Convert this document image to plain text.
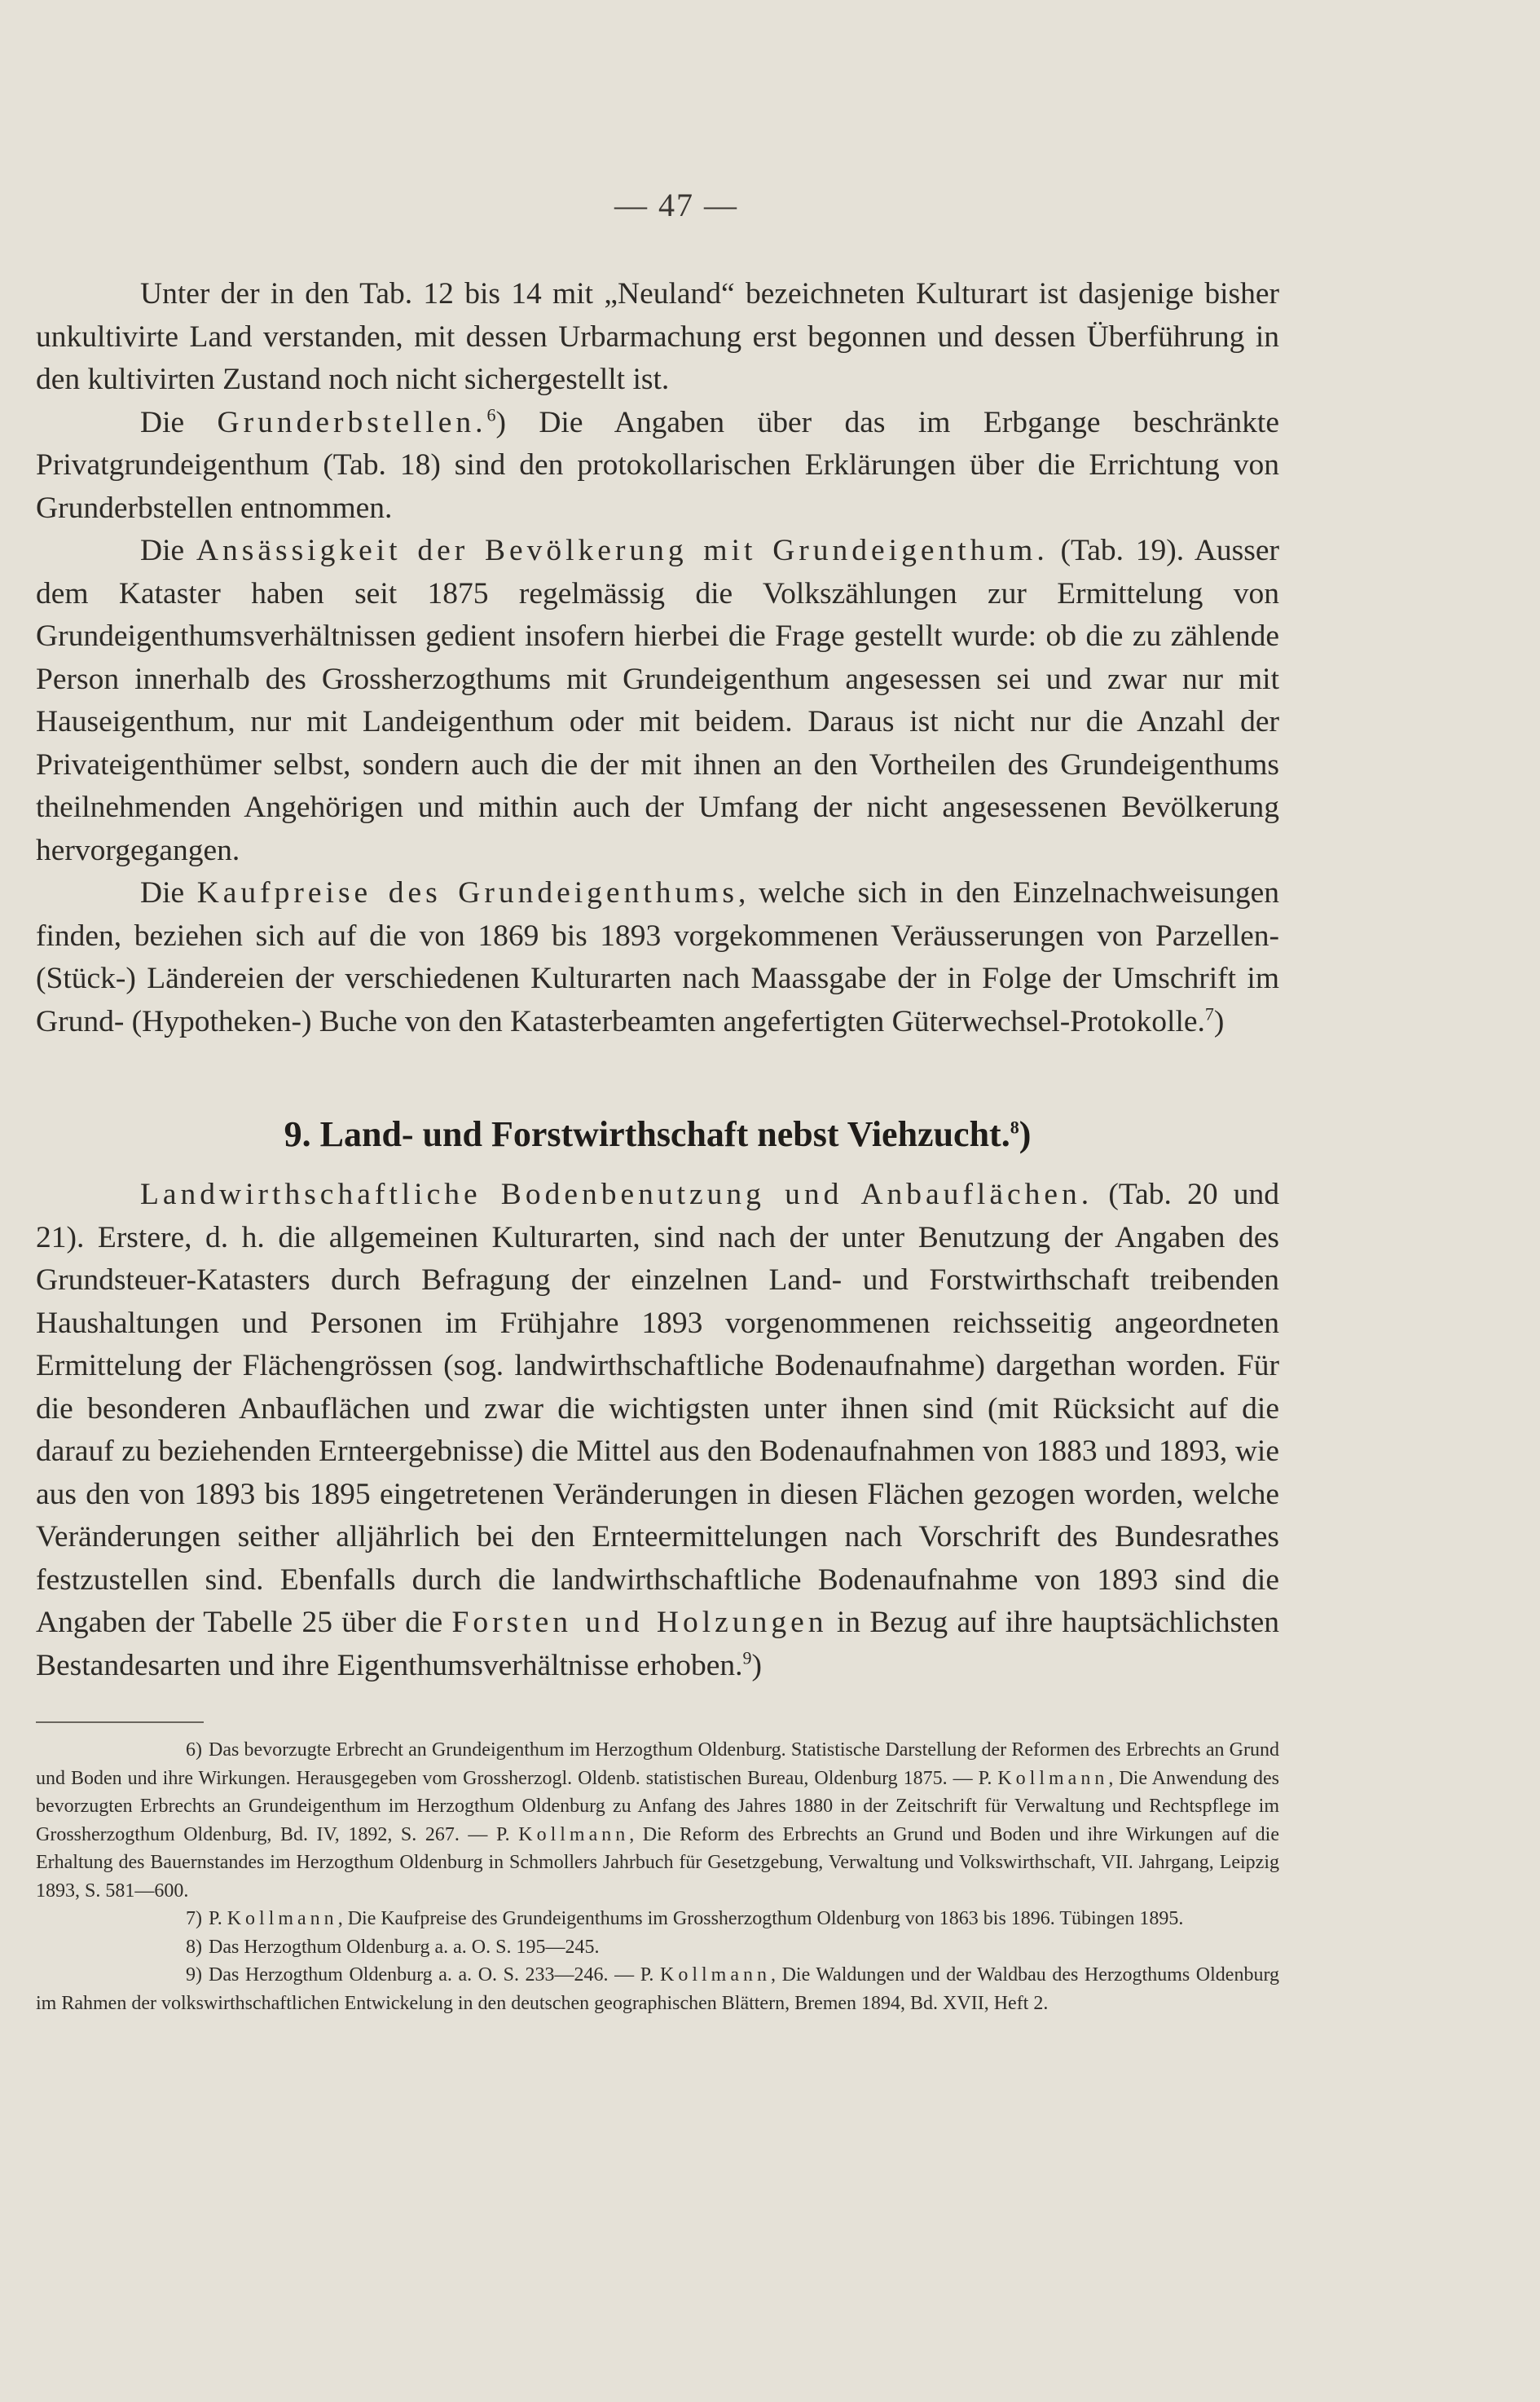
— 47 —

Unter der in den Tab. 12 bis 14 mit „Neuland“ bezeichneten Kulturart ist dasjenige bisher unkultivirte Land verstanden, mit dessen Urbarmachung erst begonnen und dessen Überführung in den kultivirten Zustand noch nicht sichergestellt ist.

Die Grunderbstellen.$^6$) Die Angaben über das im Erbgange beschränkte Privatgrundeigenthum (Tab. 18) sind den protokollarischen Erklärungen über die Errichtung von Grunderbstellen entnommen.

Die Ansässigkeit der Bevölkerung mit Grundeigenthum. (Tab. 19). Ausser dem Kataster haben seit 1875 regelmässig die Volkszählungen zur Ermittelung von Grundeigenthumsverhältnissen gedient insofern hierbei die Frage gestellt wurde: ob die zu zählende Person innerhalb des Grossherzogthums mit Grundeigenthum angesessen sei und zwar nur mit Hauseigenthum, nur mit Landeigenthum oder mit beidem. Daraus ist nicht nur die Anzahl der Privateigenthümer selbst, sondern auch die der mit ihnen an den Vortheilen des Grundeigenthums theilnehmenden Angehörigen und mithin auch der Umfang der nicht angesessenen Bevölkerung hervorgegangen.

Die Kaufpreise des Grundeigenthums, welche sich in den Einzelnachweisungen finden, beziehen sich auf die von 1869 bis 1893 vorgekommenen Veräusserungen von Parzellen- (Stück-) Ländereien der verschiedenen Kulturarten nach Maassgabe der in Folge der Umschrift im Grund- (Hypotheken-) Buche von den Katasterbeamten angefertigten Güterwechsel-Protokolle.$^7$)

9. Land- und Forstwirthschaft nebst Viehzucht.$^8$)

Landwirthschaftliche Bodenbenutzung und Anbauflächen. (Tab. 20 und 21). Erstere, d. h. die allgemeinen Kulturarten, sind nach der unter Benutzung der Angaben des Grundsteuer-Katasters durch Befragung der einzelnen Land- und Forstwirthschaft treibenden Haushaltungen und Personen im Frühjahre 1893 vorgenommenen reichsseitig angeordneten Ermittelung der Flächengrössen (sog. landwirthschaftliche Bodenaufnahme) dargethan worden. Für die besonderen Anbauflächen und zwar die wichtigsten unter ihnen sind (mit Rücksicht auf die darauf zu beziehenden Ernteergebnisse) die Mittel aus den Bodenaufnahmen von 1883 und 1893, wie aus den von 1893 bis 1895 eingetretenen Veränderungen in diesen Flächen gezogen worden, welche Veränderungen seither alljährlich bei den Ernteermittelungen nach Vorschrift des Bundesrathes festzustellen sind. Ebenfalls durch die landwirthschaftliche Bodenaufnahme von 1893 sind die Angaben der Tabelle 25 über die Forsten und Holzungen in Bezug auf ihre hauptsächlichsten Bestandesarten und ihre Eigenthumsverhältnisse erhoben.$^9$)

6) Das bevorzugte Erbrecht an Grundeigenthum im Herzogthum Oldenburg. Statistische Darstellung der Reformen des Erbrechts an Grund und Boden und ihre Wirkungen. Herausgegeben vom Grossherzogl. Oldenb. statistischen Bureau, Oldenburg 1875. — P. Kollmann, Die Anwendung des bevorzugten Erbrechts an Grundeigenthum im Herzogthum Oldenburg zu Anfang des Jahres 1880 in der Zeitschrift für Verwaltung und Rechtspflege im Grossherzogthum Oldenburg, Bd. IV, 1892, S. 267. — P. Kollmann, Die Reform des Erbrechts an Grund und Boden und ihre Wirkungen auf die Erhaltung des Bauernstandes im Herzogthum Oldenburg in Schmollers Jahrbuch für Gesetzgebung, Verwaltung und Volkswirthschaft, VII. Jahrgang, Leipzig 1893, S. 581—600.

7) P. Kollmann, Die Kaufpreise des Grundeigenthums im Grossherzogthum Oldenburg von 1863 bis 1896. Tübingen 1895.

8) Das Herzogthum Oldenburg a. a. O. S. 195—245.

9) Das Herzogthum Oldenburg a. a. O. S. 233—246. — P. Kollmann, Die Waldungen und der Waldbau des Herzogthums Oldenburg im Rahmen der volkswirthschaftlichen Entwickelung in den deutschen geographischen Blättern, Bremen 1894, Bd. XVII, Heft 2.
